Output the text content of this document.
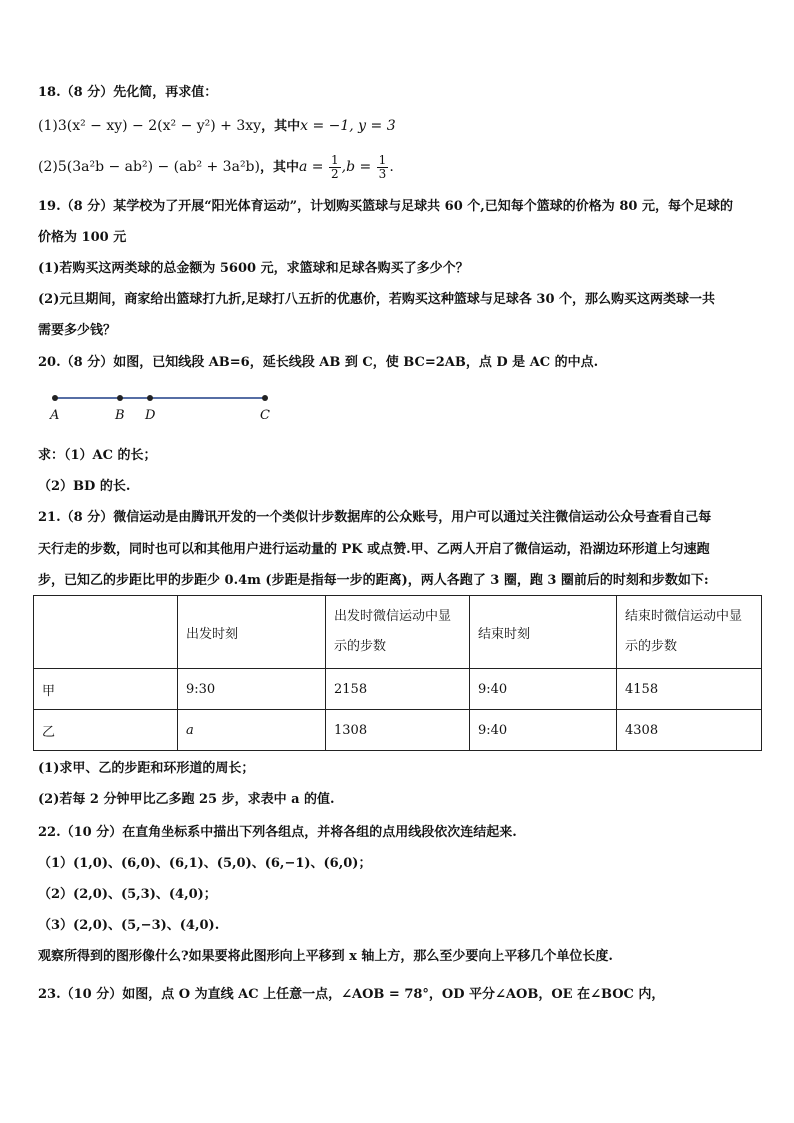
18.（8 分）先化简，再求值：
(1)3(x² − xy) − 2(x² − y²) + 3xy，其中x = −1, y = 3
(2)5(3a²b − ab²) − (ab² + 3a²b)，其中$a = \frac{1}{2} ,b = \frac{1}{3}$ .
19.（8 分）某学校为了开展“阳光体育运动”，计划购买篮球与足球共 60 个,已知每个篮球的价格为 80 元，每个足球的
价格为 100 元
(1)若购买这两类球的总金额为 5600 元，求篮球和足球各购买了多少个？
(2)元旦期间，商家给出篮球打九折,足球打八五折的优惠价，若购买这种篮球与足球各 30 个，那么购买这两类球一共
需要多少钱？
20.（8 分）如图，已知线段 AB=6，延长线段 AB 到 C，使 BC=2AB，点 D 是 AC 的中点.
A	B D	C
求：（1）AC 的长；
（2）BD 的长.
21.（8 分）微信运动是由腾讯开发的一个类似计步数据库的公众账号，用户可以通过关注微信运动公众号查看自己每
天行走的步数，同时也可以和其他用户进行运动量的 PK 或点赞.甲、乙两人开启了微信运动，沿湖边环形道上匀速跑
步，已知乙的步距比甲的步距少 0.4m (步距是指每一步的距离)，两人各跑了 3 圈，跑 3 圈前后的时刻和步数如下:
	出发时刻	出发时微信运动中显示的步数	结束时刻	结束时微信运动中显示的步数
甲	9:30	2158	9:40	4158
乙	a	1308	9:40	4308
(1)求甲、乙的步距和环形道的周长；
(2)若每 2 分钟甲比乙多跑 25 步，求表中 a 的值.
22.（10 分）在直角坐标系中描出下列各组点，并将各组的点用线段依次连结起来.
（1）(1,0)、(6,0)、(6,1)、(5,0)、(6,−1)、(6,0)；
（2）(2,0)、(5,3)、(4,0)；
（3）(2,0)、(5,−3)、(4,0).
观察所得到的图形像什么?如果要将此图形向上平移到 x 轴上方，那么至少要向上平移几个单位长度.
23.（10 分）如图，点 O 为直线 AC 上任意一点，∠AOB = 78°，OD 平分∠AOB，OE 在∠BOC 内，
